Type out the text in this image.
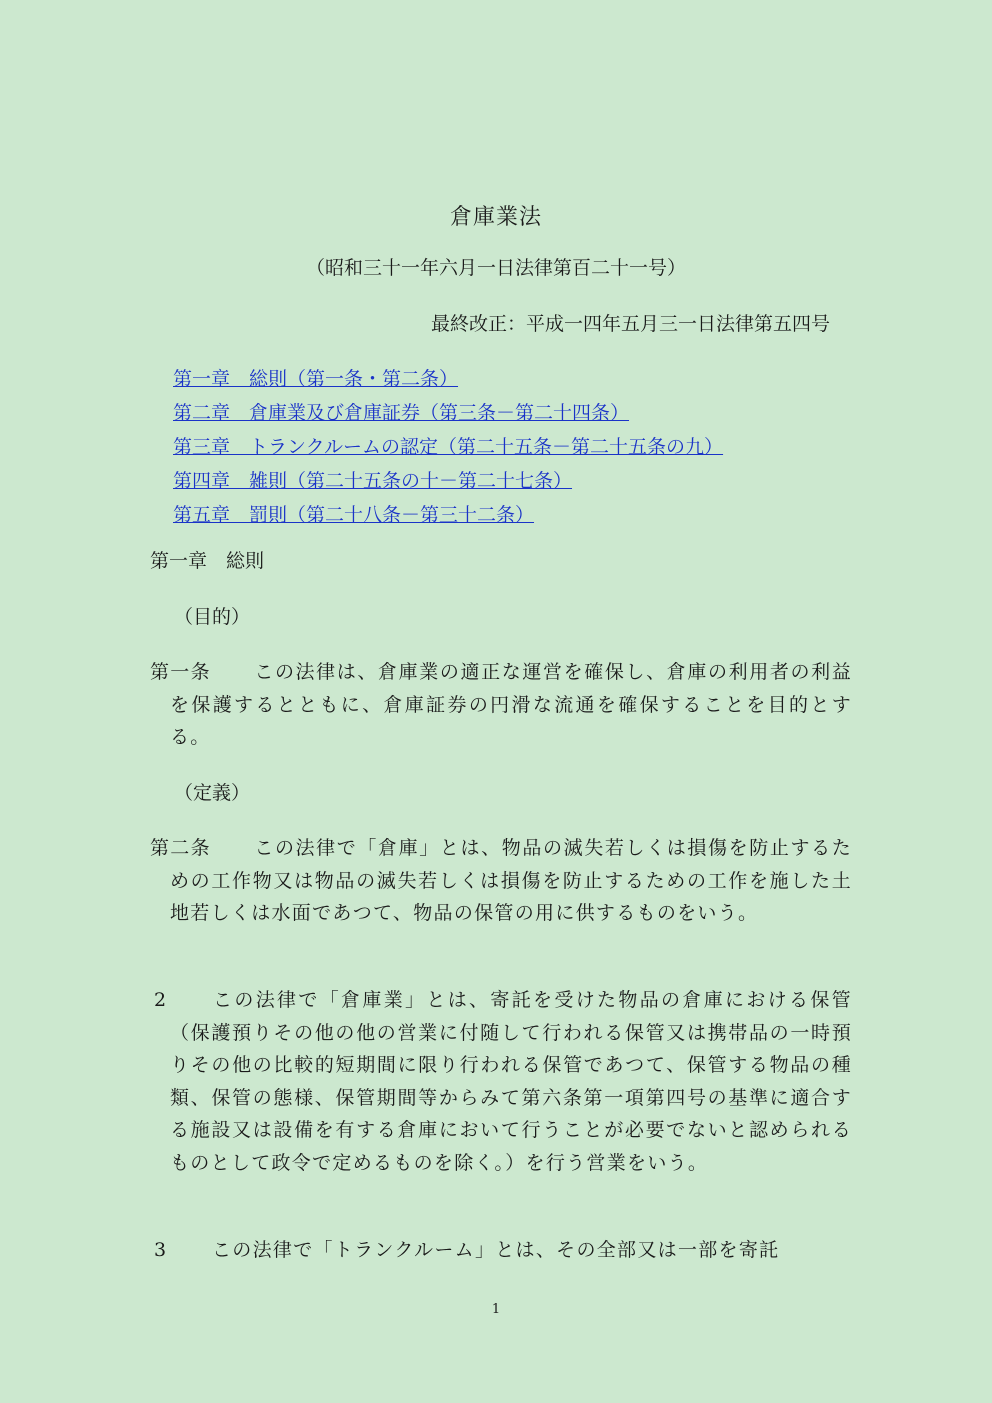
倉庫業法
（昭和三十一年六月一日法律第百二十一号）
最終改正：平成一四年五月三一日法律第五四号
第一章　総則（第一条・第二条）
第二章　倉庫業及び倉庫証券（第三条－第二十四条）
第三章　トランクルームの認定（第二十五条－第二十五条の九）
第四章　雑則（第二十五条の十－第二十七条）
第五章　罰則（第二十八条－第三十二条）
第一章　総則
（目的）
第一条 この法律は、倉庫業の適正な運営を確保し、倉庫の利用者の利益を保護するとともに、倉庫証券の円滑な流通を確保することを目的とする。
（定義）
第二条 この法律で「倉庫」とは、物品の滅失若しくは損傷を防止するための工作物又は物品の滅失若しくは損傷を防止するための工作を施した土地若しくは水面であつて、物品の保管の用に供するものをいう。
2 この法律で「倉庫業」とは、寄託を受けた物品の倉庫における保管（保護預りその他の他の営業に付随して行われる保管又は携帯品の一時預りその他の比較的短期間に限り行われる保管であつて、保管する物品の種類、保管の態様、保管期間等からみて第六条第一項第四号の基準に適合する施設又は設備を有する倉庫において行うことが必要でないと認められるものとして政令で定めるものを除く。）を行う営業をいう。
3 この法律で「トランクルーム」とは、その全部又は一部を寄託
1
